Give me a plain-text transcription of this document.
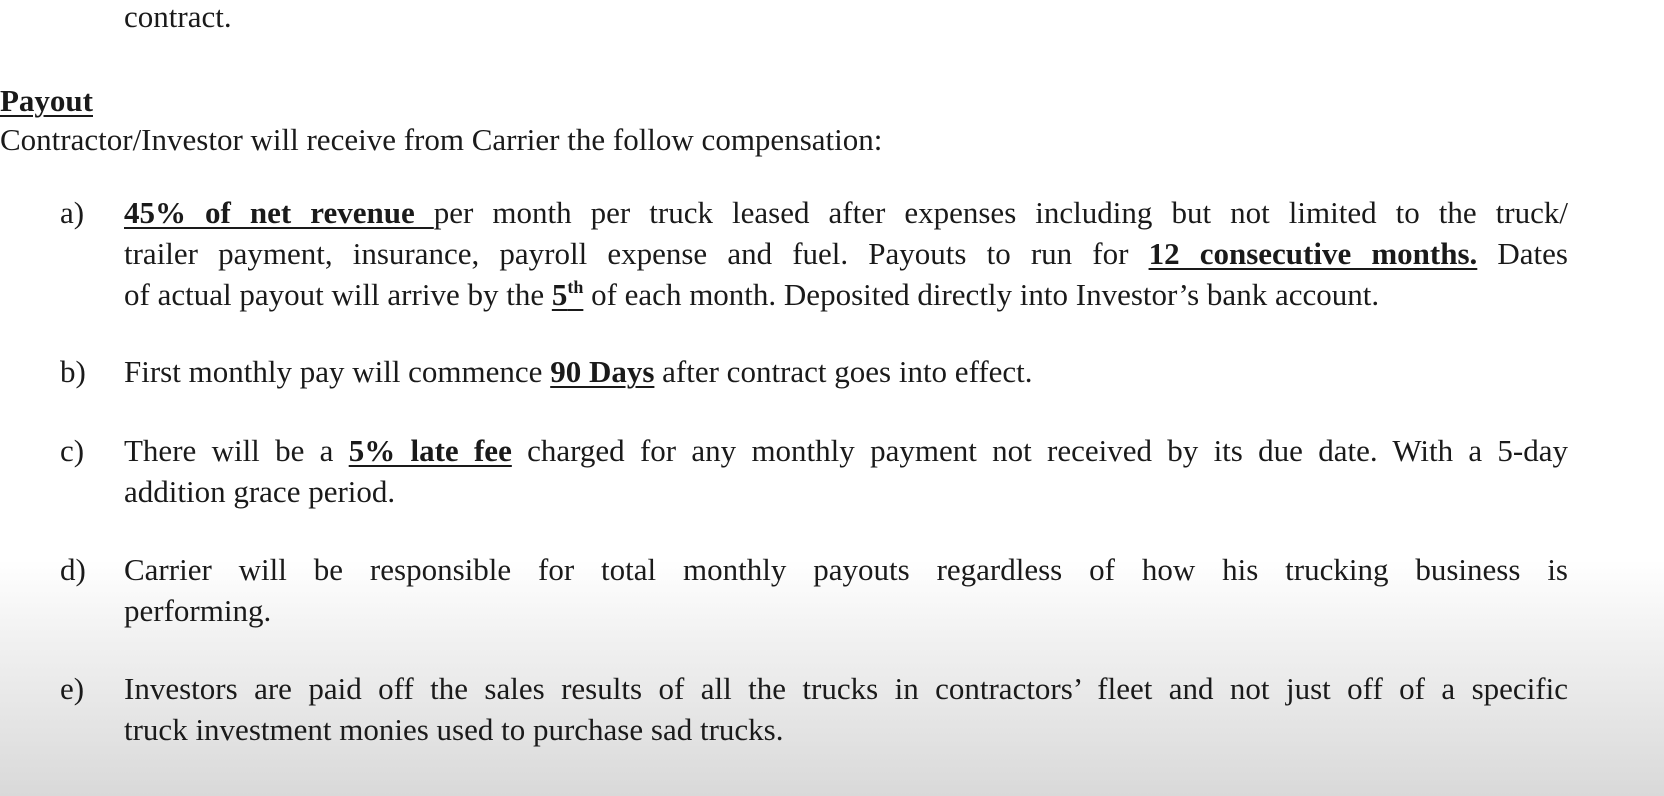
contract.

Payout

Contractor/Investor will receive from Carrier the follow compensation:

a)	45% of net revenue per month per truck leased after expenses including but not limited to the truck/
trailer payment, insurance, payroll expense and fuel. Payouts to run for 12 consecutive months. Dates
of actual payout will arrive by the 5th of each month. Deposited directly into Investor’s bank account.
b)	First monthly pay will commence 90 Days after contract goes into effect.
c)	There will be a 5% late fee charged for any monthly payment not received by its due date. With a 5-day
addition grace period.
d)	Carrier will be responsible for total monthly payouts regardless of how his trucking business is
performing.
e)	Investors are paid off the sales results of all the trucks in contractors’ fleet and not just off of a specific
truck investment monies used to purchase sad trucks.
